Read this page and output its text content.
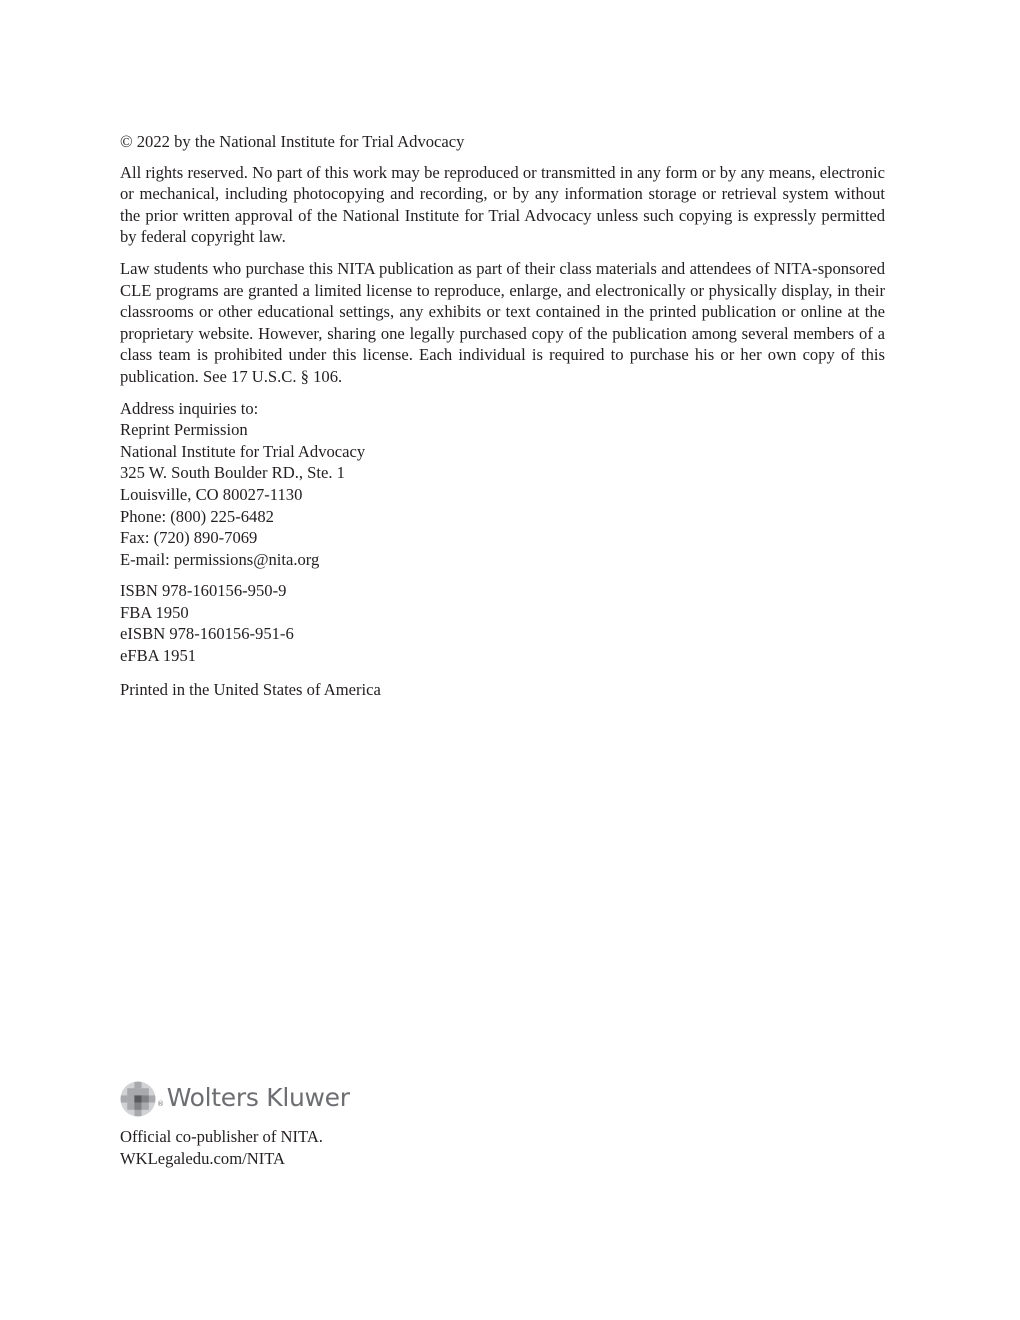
© 2022 by the National Institute for Trial Advocacy

All rights reserved. No part of this work may be reproduced or transmitted in any form or by any means, electronic or mechanical, including photocopying and recording, or by any information storage or retrieval system without the prior written approval of the National Institute for Trial Advocacy unless such copying is expressly permitted by federal copyright law.

Law students who purchase this NITA publication as part of their class materials and attendees of NITA-sponsored CLE programs are granted a limited license to reproduce, enlarge, and electronically or physically display, in their classrooms or other educational settings, any exhibits or text contained in the printed publication or online at the proprietary website. However, sharing one legally purchased copy of the publication among several members of a class team is prohibited under this license. Each individual is required to purchase his or her own copy of this publication. See 17 U.S.C. § 106.

Address inquiries to:
Reprint Permission
National Institute for Trial Advocacy
325 W. South Boulder RD., Ste. 1
Louisville, CO 80027-1130
Phone: (800) 225-6482
Fax: (720) 890-7069
E-mail: permissions@nita.org
ISBN 978-160156-950-9
FBA 1950
eISBN 978-160156-951-6
eFBA 1951
Printed in the United States of America
® Wolters Kluwer
Official co-publisher of NITA.
WKLegaledu.com/NITA
